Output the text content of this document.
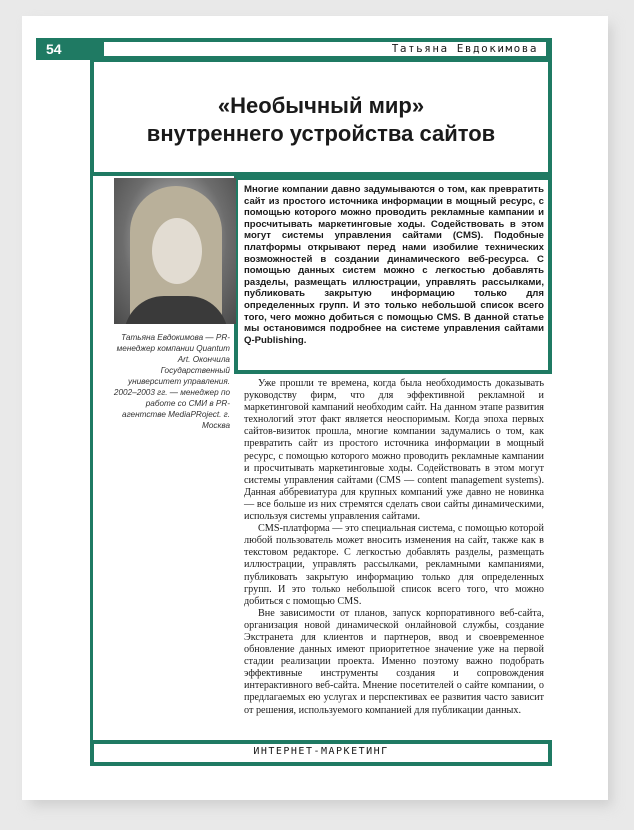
54	Татьяна Евдокимова
«Необычный мир»
внутреннего устройства сайтов
Татьяна Евдокимова — PR-менеджер компании Quantum Art. Окончила Государственный университет управления. 2002–2003 гг. — менеджер по работе со СМИ в PR-агентстве MediaPRoject. г. Москва
Многие компании давно задумываются о том, как превратить сайт из простого источника информации в мощный ресурс, с помощью которого можно проводить рекламные кампании и просчитывать маркетинговые ходы. Содействовать в этом могут системы управления сайтами (CMS). Подобные платформы открывают перед нами изобилие технических возможностей в создании динамического веб-ресурса. С помощью данных систем можно с легкостью добавлять разделы, размещать иллюстрации, управлять рассылками, публиковать закрытую информацию только для определенных групп. И это только небольшой список всего того, чего можно добиться с помощью CMS. В данной статье мы остановимся подробнее на системе управления сайтами Q-Publishing.

Уже прошли те времена, когда была необходимость доказывать руководству фирм, что для эффективной рекламной и маркетинговой кампаний необходим сайт. На данном этапе развития технологий этот факт является неоспоримым. Когда эпоха первых сайтов-визиток прошла, многие компании задумались о том, как превратить сайт из простого источника информации в мощный ресурс, с помощью которого можно проводить рекламные кампании и просчитывать маркетинговые ходы. Содействовать в этом могут системы управления сайтами (CMS — content management systems). Данная аббревиатура для крупных компаний уже давно не новинка — все больше из них стремятся сделать свои сайты динамическими, используя системы управления сайтами.

CMS-платформа — это специальная система, с помощью которой любой пользователь может вносить изменения на сайт, также как в текстовом редакторе. С легкостью добавлять разделы, размещать иллюстрации, управлять рассылками, рекламными кампаниями, публиковать закрытую информацию только для определенных групп. И это только небольшой список всего того, что можно добиться с помощью CMS.

Вне зависимости от планов, запуск корпоративного веб-сайта, организация новой динамической онлайновой службы, создание Экстранета для клиентов и партнеров, ввод и своевременное обновление данных имеют приоритетное значение уже на первой стадии реализации проекта. Именно поэтому важно подобрать эффективные инструменты создания и сопровождения интерактивного веб-сайта. Мнение посетителей о сайте компании, о предлагаемых ею услугах и перспективах ее развития часто зависит от решения, используемого компанией для публикации данных.

ИНТЕРНЕТ-МАРКЕТИНГ
